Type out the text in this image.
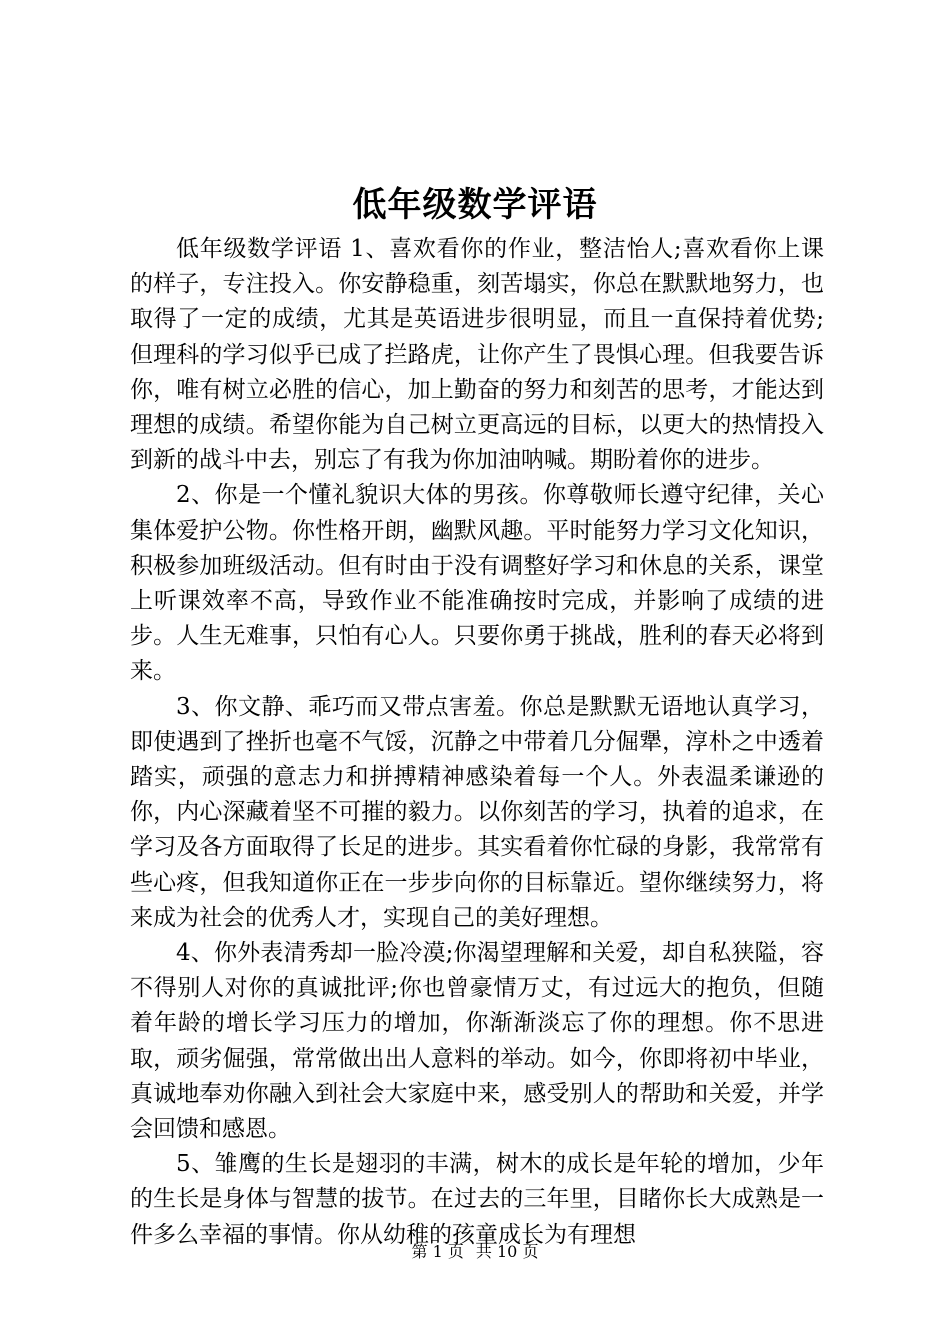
低年级数学评语

低年级数学评语 1、喜欢看你的作业，整洁怡人;喜欢看你上课的样子，专注投入。你安静稳重，刻苦塌实，你总在默默地努力，也取得了一定的成绩，尤其是英语进步很明显，而且一直保持着优势;但理科的学习似乎已成了拦路虎，让你产生了畏惧心理。但我要告诉你，唯有树立必胜的信心，加上勤奋的努力和刻苦的思考，才能达到理想的成绩。希望你能为自己树立更高远的目标，以更大的热情投入到新的战斗中去，别忘了有我为你加油呐喊。期盼着你的进步。

2、你是一个懂礼貌识大体的男孩。你尊敬师长遵守纪律，关心集体爱护公物。你性格开朗，幽默风趣。平时能努力学习文化知识，积极参加班级活动。但有时由于没有调整好学习和休息的关系，课堂上听课效率不高，导致作业不能准确按时完成，并影响了成绩的进步。人生无难事，只怕有心人。只要你勇于挑战，胜利的春天必将到来。

3、你文静、乖巧而又带点害羞。你总是默默无语地认真学习，即使遇到了挫折也毫不气馁，沉静之中带着几分倔犟，淳朴之中透着踏实，顽强的意志力和拼搏精神感染着每一个人。外表温柔谦逊的你，内心深藏着坚不可摧的毅力。以你刻苦的学习，执着的追求，在学习及各方面取得了长足的进步。其实看着你忙碌的身影，我常常有些心疼，但我知道你正在一步步向你的目标靠近。望你继续努力，将来成为社会的优秀人才，实现自己的美好理想。

4、你外表清秀却一脸冷漠;你渴望理解和关爱，却自私狭隘，容不得别人对你的真诚批评;你也曾豪情万丈，有过远大的抱负，但随着年龄的增长学习压力的增加，你渐渐淡忘了你的理想。你不思进取，顽劣倔强，常常做出出人意料的举动。如今，你即将初中毕业，真诚地奉劝你融入到社会大家庭中来，感受别人的帮助和关爱，并学会回馈和感恩。

5、雏鹰的生长是翅羽的丰满，树木的成长是年轮的增加，少年的生长是身体与智慧的拔节。在过去的三年里，目睹你长大成熟是一件多么幸福的事情。你从幼稚的孩童成长为有理想

第 1 页 共 10 页
